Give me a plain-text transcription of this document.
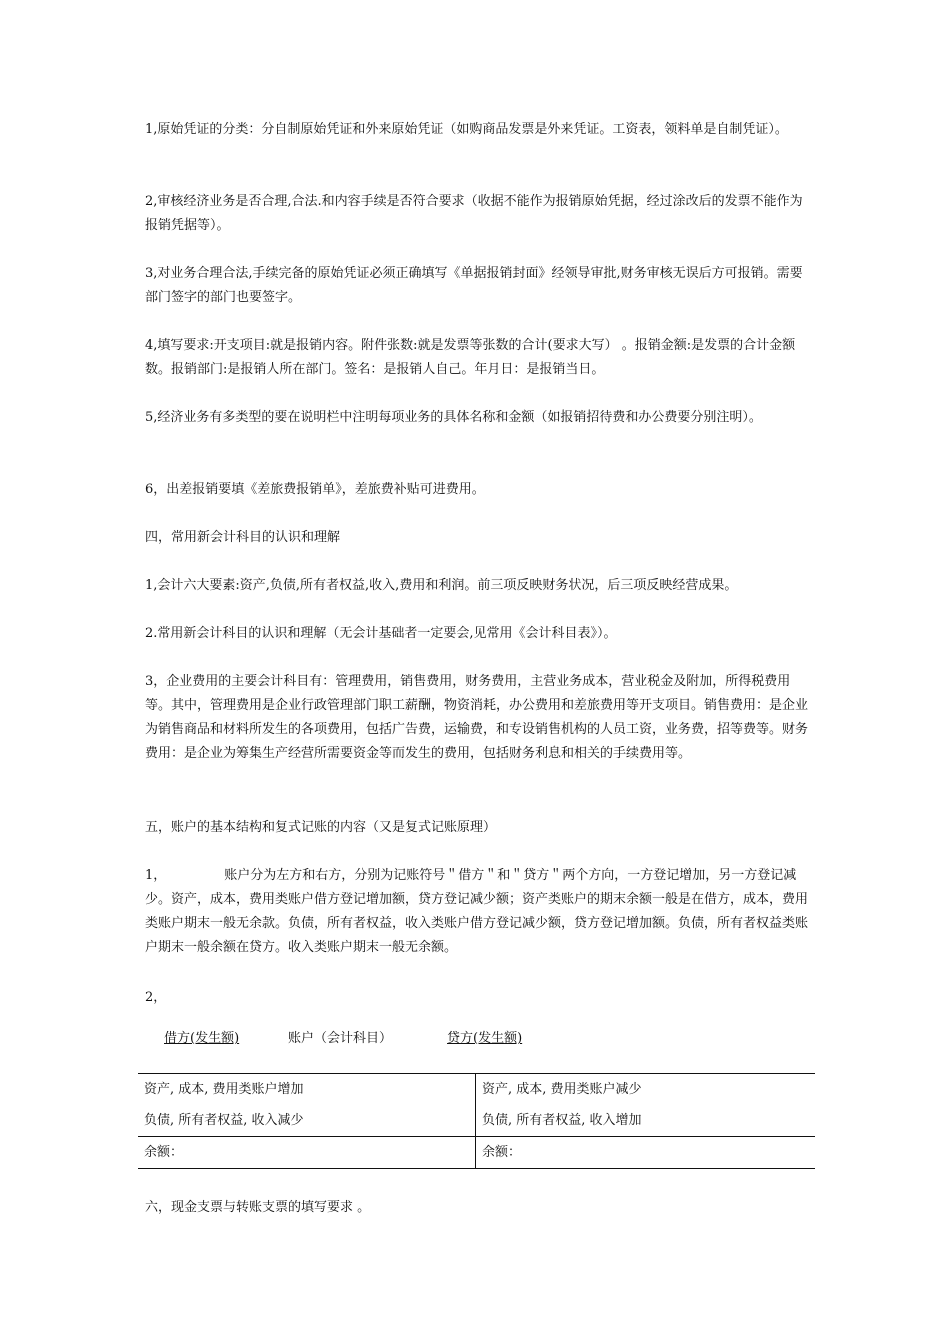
1,原始凭证的分类：分自制原始凭证和外来原始凭证（如购商品发票是外来凭证。工资表，领料单是自制凭证）。

2,审核经济业务是否合理,合法.和内容手续是否符合要求（收据不能作为报销原始凭据，经过涂改后的发票不能作为报销凭据等）。

3,对业务合理合法,手续完备的原始凭证必须正确填写《单据报销封面》经领导审批,财务审核无误后方可报销。需要部门签字的部门也要签字。

4,填写要求:开支项目:就是报销内容。附件张数:就是发票等张数的合计(要求大写） 。报销金额:是发票的合计金额数。报销部门:是报销人所在部门。签名：是报销人自己。年月日：是报销当日。

5,经济业务有多类型的要在说明栏中注明每项业务的具体名称和金额（如报销招待费和办公费要分别注明）。

6，出差报销要填《差旅费报销单》，差旅费补贴可进费用。

四，常用新会计科目的认识和理解

1,会计六大要素:资产,负债,所有者权益,收入,费用和利润。前三项反映财务状况，后三项反映经营成果。

2.常用新会计科目的认识和理解（无会计基础者一定要会,见常用《会计科目表》）。

3，企业费用的主要会计科目有：管理费用，销售费用，财务费用，主营业务成本，营业税金及附加，所得税费用等。其中，管理费用是企业行政管理部门职工薪酬，物资消耗，办公费用和差旅费用等开支项目。销售费用：是企业为销售商品和材料所发生的各项费用，包括广告费，运输费，和专设销售机构的人员工资，业务费，招等费等。财务费用：是企业为筹集生产经营所需要资金等而发生的费用，包括财务利息和相关的手续费用等。

五，账户的基本结构和复式记账的内容（又是复式记账原理）

1，	账户分为左方和右方，分别为记账符号＂借方＂和＂贷方＂两个方向，一方登记增加，另一方登记减少。资产，成本，费用类账户借方登记增加额，贷方登记减少额；资产类账户的期末余额一般是在借方，成本，费用类账户期末一般无余款。负债，所有者权益，收入类账户借方登记减少额，贷方登记增加额。负债，所有者权益类账户期末一般余额在贷方。收入类账户期末一般无余额。

2，

借方(发生额)	账户（会计科目）	贷方(发生额)
资产, 成本, 费用类账户增加	资产, 成本, 费用类账户减少
负债, 所有者权益, 收入减少	负债, 所有者权益, 收入增加
余额：	余额：

六，现金支票与转账支票的填写要求 。
